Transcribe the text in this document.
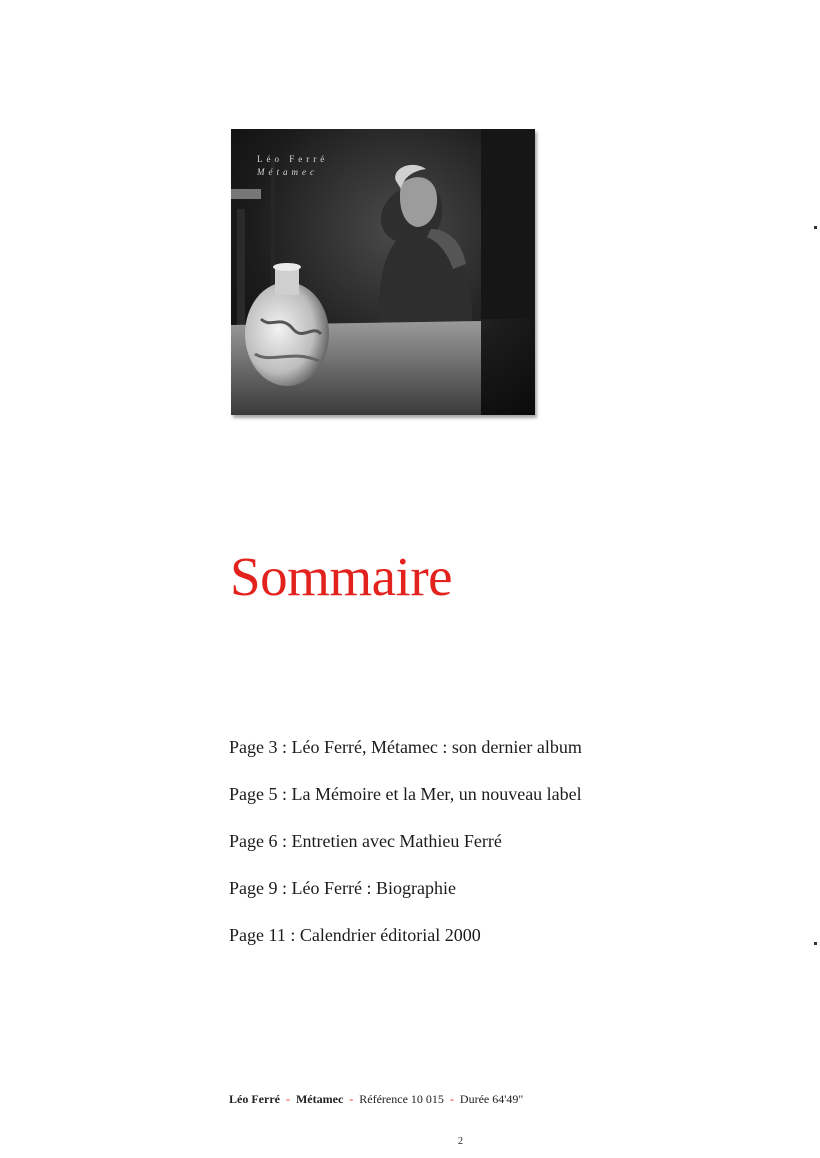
Léo Ferré
Métamec
Sommaire
Page 3 : Léo Ferré, Métamec : son dernier album
Page 5 : La Mémoire et la Mer, un nouveau label
Page 6 : Entretien avec Mathieu Ferré
Page 9 : Léo Ferré : Biographie
Page 11 : Calendrier éditorial 2000
Léo Ferré - Métamec - Référence 10 015 - Durée 64'49"
2
